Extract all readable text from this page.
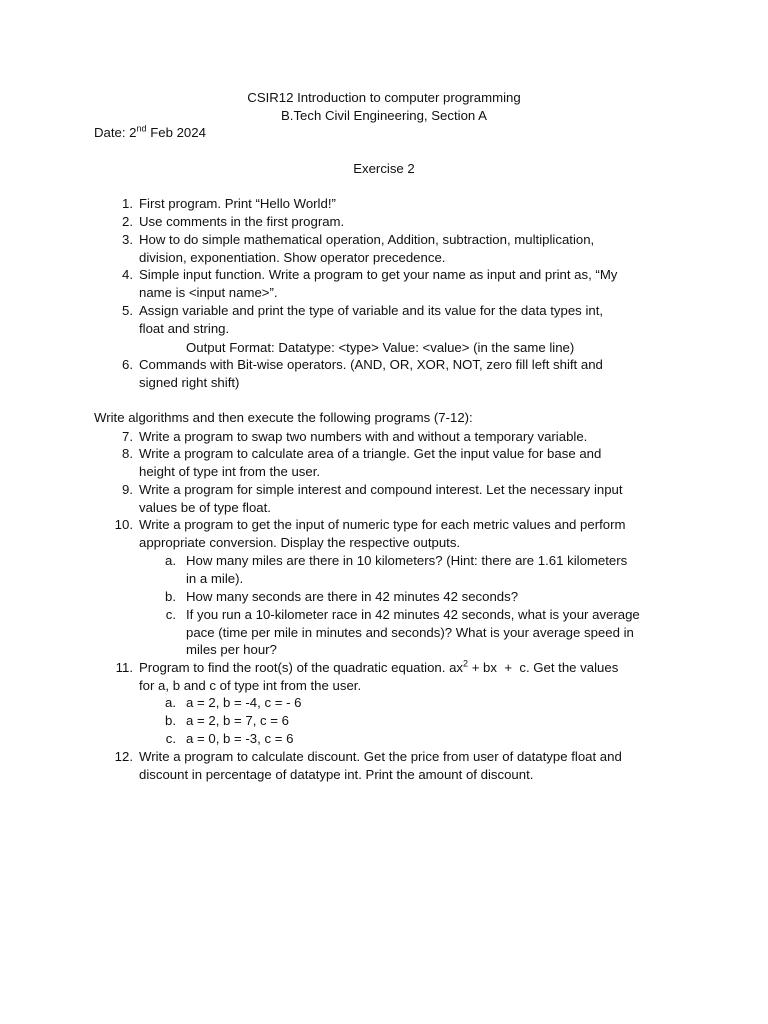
CSIR12 Introduction to computer programming
B.Tech Civil Engineering, Section A
Date: 2nd Feb 2024
Exercise 2
1. First program. Print “Hello World!”
2. Use comments in the first program.
3. How to do simple mathematical operation, Addition, subtraction, multiplication,
division, exponentiation. Show operator precedence.
4. Simple input function. Write a program to get your name as input and print as, “My
name is <input name>”.
5. Assign variable and print the type of variable and its value for the data types int,
float and string.
Output Format: Datatype: <type> Value: <value> (in the same line)
6. Commands with Bit-wise operators. (AND, OR, XOR, NOT, zero fill left shift and
signed right shift)
Write algorithms and then execute the following programs (7-12):
7. Write a program to swap two numbers with and without a temporary variable.
8. Write a program to calculate area of a triangle. Get the input value for base and
height of type int from the user.
9. Write a program for simple interest and compound interest. Let the necessary input
values be of type float.
10. Write a program to get the input of numeric type for each metric values and perform
appropriate conversion. Display the respective outputs.
a. How many miles are there in 10 kilometers? (Hint: there are 1.61 kilometers
in a mile).
b. How many seconds are there in 42 minutes 42 seconds?
c. If you run a 10-kilometer race in 42 minutes 42 seconds, what is your average
pace (time per mile in minutes and seconds)? What is your average speed in
miles per hour?
11. Program to find the root(s) of the quadratic equation. $ax^2$ + bx  +  c. Get the values
for a, b and c of type int from the user.
a. a = 2, b = -4, c = - 6
b. a = 2, b = 7, c = 6
c. a = 0, b = -3, c = 6
12. Write a program to calculate discount. Get the price from user of datatype float and
discount in percentage of datatype int. Print the amount of discount.
